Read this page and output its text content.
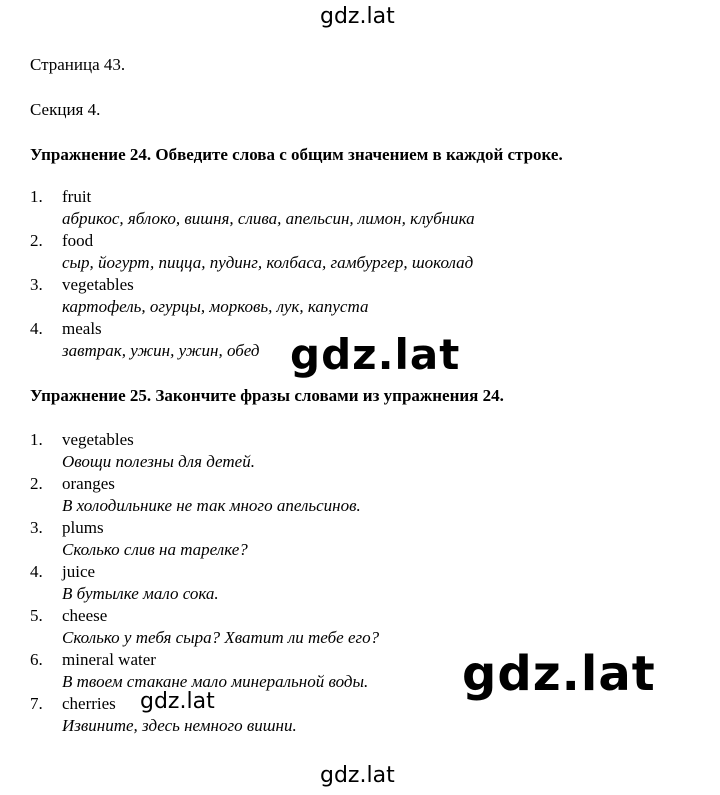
gdz.lat
Страница 43.
Секция 4.
Упражнение 24. Обведите слова с общим значением в каждой строке.
1. fruit
абрикос, яблоко, вишня, слива, апельсин, лимон, клубника
2. food
сыр, йогурт, пицца, пудинг, колбаса, гамбургер, шоколад
3. vegetables
картофель, огурцы, морковь, лук, капуста
4. meals
завтрак, ужин, ужин, обед gdz.lat
Упражнение 25. Закончите фразы словами из упражнения 24.
1. vegetables
Овощи полезны для детей.
2. oranges
В холодильнике не так много апельсинов.
3. plums
Сколько слив на тарелке?
4. juice
В бутылке мало сока.
5. cheese
Сколько у тебя сыра? Хватит ли тебе его?
6. mineral water
В твоем стакане мало минеральной воды.
7. cherries
Извините, здесь немного вишни.
gdz.lat
gdz.lat
gdz.lat
